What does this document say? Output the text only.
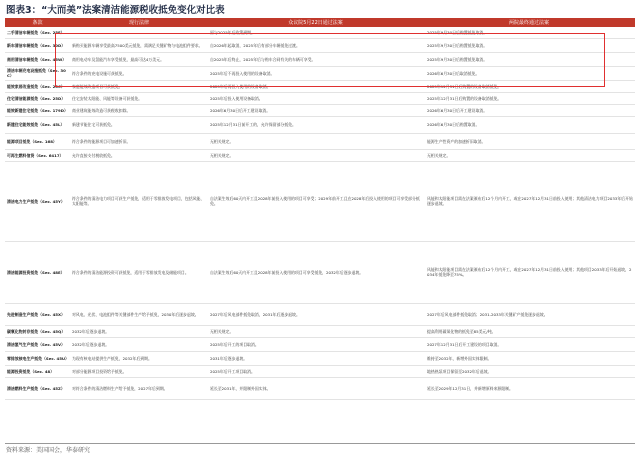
图表3：“大而美”法案清洁能源税收抵免变化对比表
条款	现行法律	众议院5月22日通过法案	两院最终通过法案
二手清洁车辆抵免（Sec. 25E）	—	原与2025年后政策到期。	2025年9月30日后购置抵免取消。
新车清洁车辆抵免（Sec. 30D）	新购买能源车辆享受最高7500美元抵免，需满足关键矿物与电池组件要求。	自2026年起取消，2025年后有部分车辆抵免过渡。	2025年9月30日后购置抵免取消。
商用清洁车辆抵免（Sec. 45W）	商用电动车及氢能汽车享受抵免，最高可达4万美元。	自2025年后终止，2025年后与购车合同有关的车辆可享受。	2025年9月30日后购置抵免取消。
清洁车辆充电设施抵免（Sec. 30C）	符合条件的充电设施可获抵免。	2025年后不再投入使用的设备取消。	2026年6月30日后取消抵免。
能效家居改造抵免（Sec. 25C）	家庭能效改造项目可获抵免。	2025年后再投入使用的设备取消。	2025年12月31日后购置的设备取消抵免。
住宅清洁能源抵免（Sec. 25D）	住宅安装太阳能、风能等设备可获抵免。	2025年后投入使用设备取消。	2025年12月31日后购置的设备取消抵免。
能效新建住宅抵免（Sec. 179D）	商业建筑能效改造可获税收扣除。	2026年6月30日后开工建设取消。	2026年6月30日后开工建设取消。
新建住宅能效抵免（Sec. 45L）	新建节能住宅可获抵免。	2025年12月31日前开工的，允许保留部分抵免。	2026年6月30日后购置取消。
能源项目抵免（Sec. 168）	符合条件的能源项目可加速折旧。	无相关规定。	能源生产性资产的加速折旧取消。
可再生燃料信贷（Sec. 6417）	允许直接支付税收抵免。	无相关规定。	无相关规定。
清洁电力生产抵免（Sec. 45Y）	符合条件的清洁电力项目可获生产抵免，适用于零排放发电项目，包括风能、太阳能等。	自法案生效后60天内开工且2028年前投入使用的项目可享受；2029年前开工且在2028年后投入使用的项目可享受部分抵免。	风能和太阳能项目需在法案颁布后12个月内开工，或在2027年12月31日前投入使用；其他清洁电力项目2033年后开始逐步退坡。
清洁能源投资抵免（Sec. 48E）	符合条件的清洁能源投资可获抵免，适用于零排放发电及储能项目。	自法案生效后60天内开工且2028年前投入使用的项目可享受抵免，2032年后逐步退坡。	风能和太阳能项目需在法案颁布后12个月内开工，或在2027年12月31日前投入使用；其他项目2033年后开始退坡，2034年抵免降至75%。
先进制造生产抵免（Sec. 45X）	对风电、光伏、电池组件等关键部件生产给予抵免，2030年后逐步退坡。	2027年后风电部件抵免取消，2031年后逐步退坡。	2027年后风电部件抵免取消；2031-2033年关键矿产抵免逐步退坡。
碳氧化物封存抵免（Sec. 45Q）	2032年后逐步退坡。	无相关规定。	提高利用碳氧化物的抵免至85美元/吨。
清洁氢气生产抵免（Sec. 45V）	2032年后逐步退坡。	2025年后开工的项目取消。	2027年12月31日后开工建设的项目取消。
零排放核电生产抵免（Sec. 45U）	为现有核电站提供生产抵免，2032年后到期。	2031年后逐步退坡。	维持至2032年，新增外国实体限制。
能源投资抵免（Sec. 48）	对部分能源项目投资给予抵免。	2025年后开工项目取消。	地热热泵项目保留至2032年后退坡。
清洁燃料生产抵免（Sec. 45Z）	对符合条件的清洁燃料生产给予抵免，2027年后到期。	延长至2031年，并限制外国实体。	延长至2029年12月31日，并新增原料来源限制。
资料来源：美国国会，华泰研究
